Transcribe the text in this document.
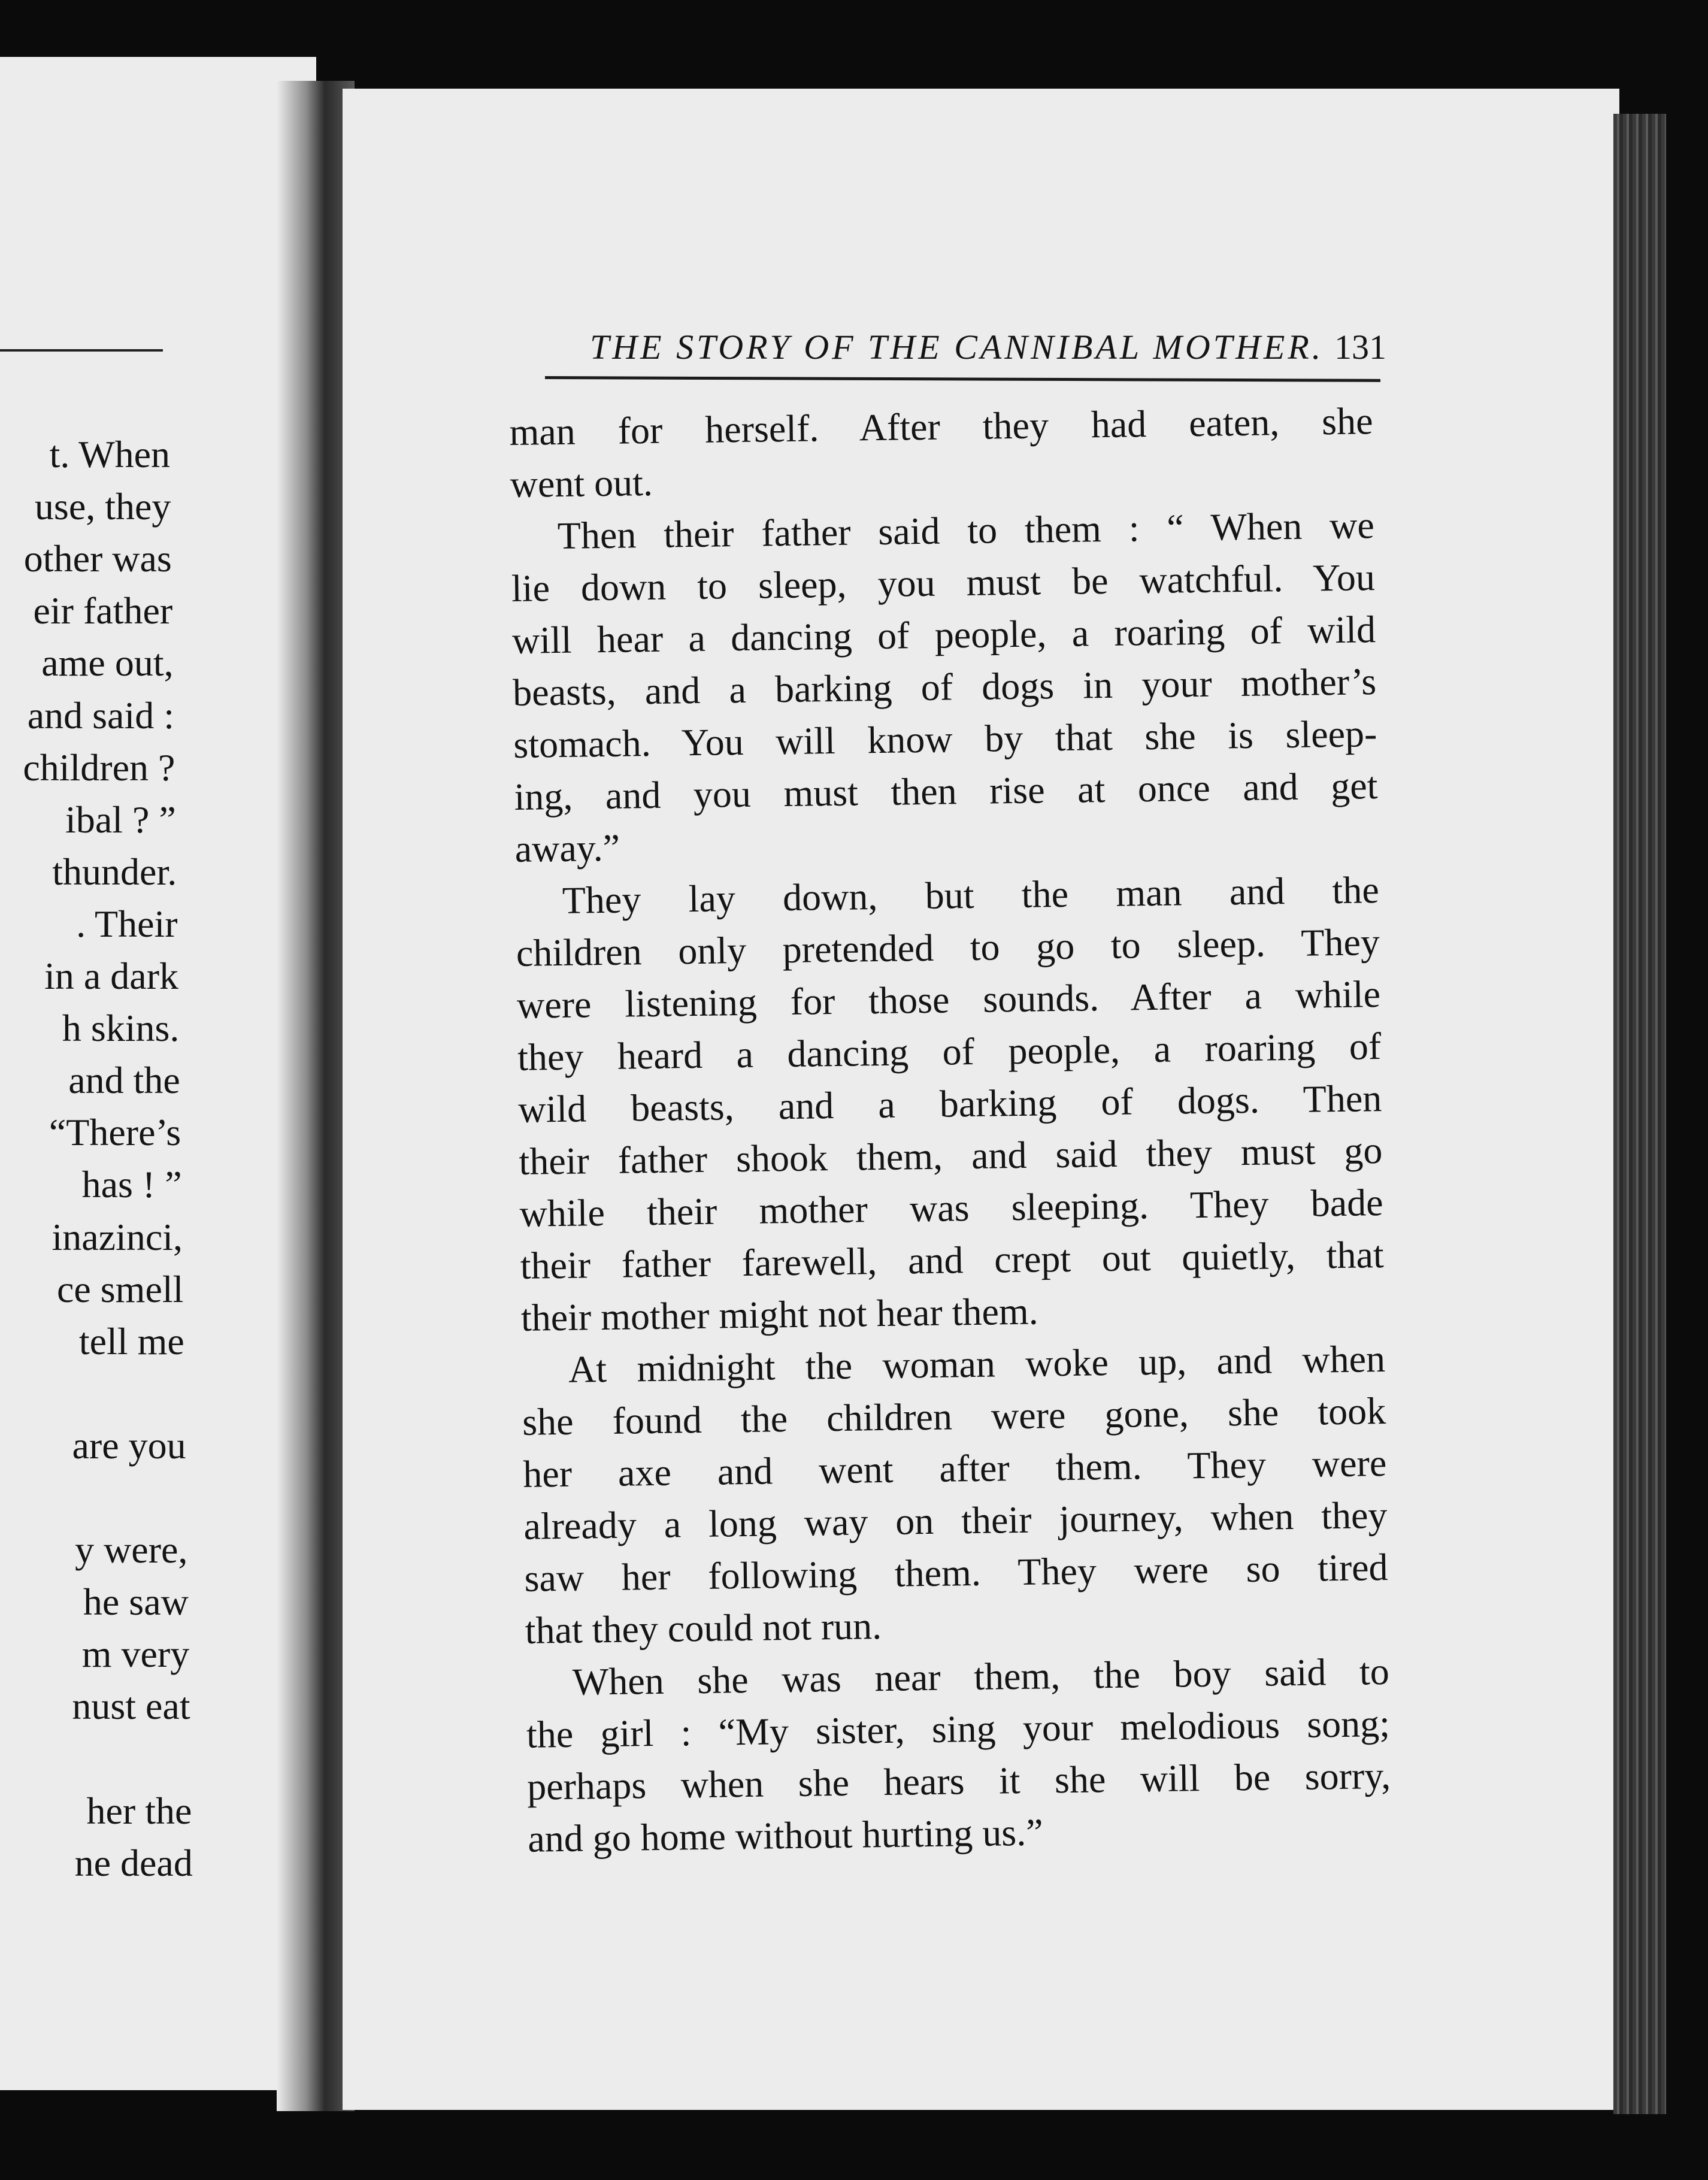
t. When
use, they
other was
eir father
ame out,
and said :
children ?
ibal ? ”
thunder.
. Their
in a dark
h skins.
and the
“There’s
has ! ”
inazinci,
ce smell
tell me
are you
y were,
he saw
m very
nust eat
her the
ne dead
THE STORY OF THE CANNIBAL MOTHER. 131
man for herself. After they had eaten, she
went out.
Then their father said to them : “ When we
lie down to sleep, you must be watchful. You
will hear a dancing of people, a roaring of wild
beasts, and a barking of dogs in your mother’s
stomach. You will know by that she is sleep-
ing, and you must then rise at once and get
away.”
They lay down, but the man and the
children only pretended to go to sleep. They
were listening for those sounds. After a while
they heard a dancing of people, a roaring of
wild beasts, and a barking of dogs. Then
their father shook them, and said they must go
while their mother was sleeping. They bade
their father farewell, and crept out quietly, that
their mother might not hear them.
At midnight the woman woke up, and when
she found the children were gone, she took
her axe and went after them. They were
already a long way on their journey, when they
saw her following them. They were so tired
that they could not run.
When she was near them, the boy said to
the girl : “My sister, sing your melodious song;
perhaps when she hears it she will be sorry,
and go home without hurting us.”
